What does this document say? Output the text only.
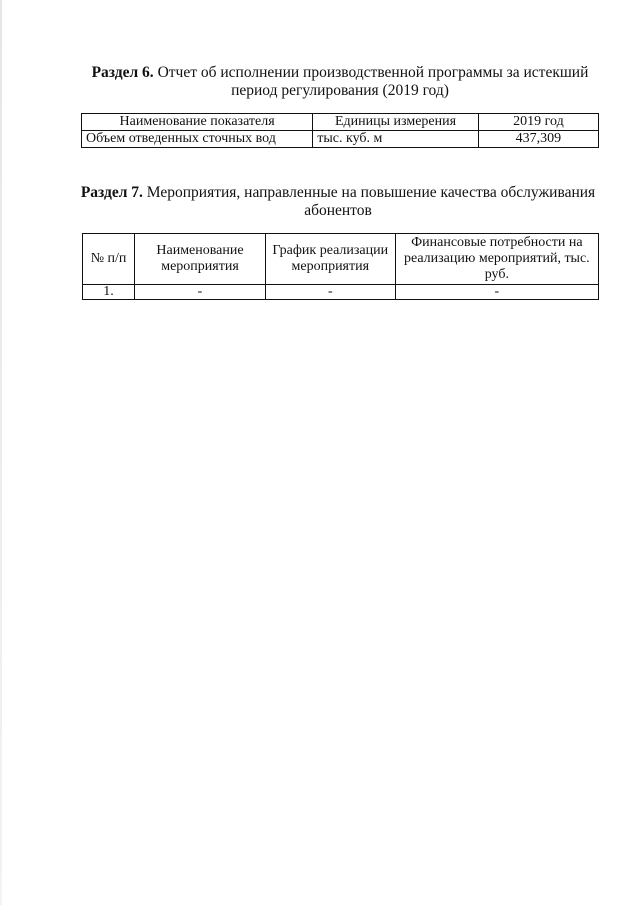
Раздел 6. Отчет об исполнении производственной программы за истекший период регулирования (2019 год)
Наименование показателя	Единицы измерения	2019 год
Объем отведенных сточных вод	тыс. куб. м	437,309
Раздел 7. Мероприятия, направленные на повышение качества обслуживания абонентов
№ п/п	Наименование мероприятия	График реализации мероприятия	Финансовые потребности на реализацию мероприятий, тыс. руб.
1.	-	-	-
